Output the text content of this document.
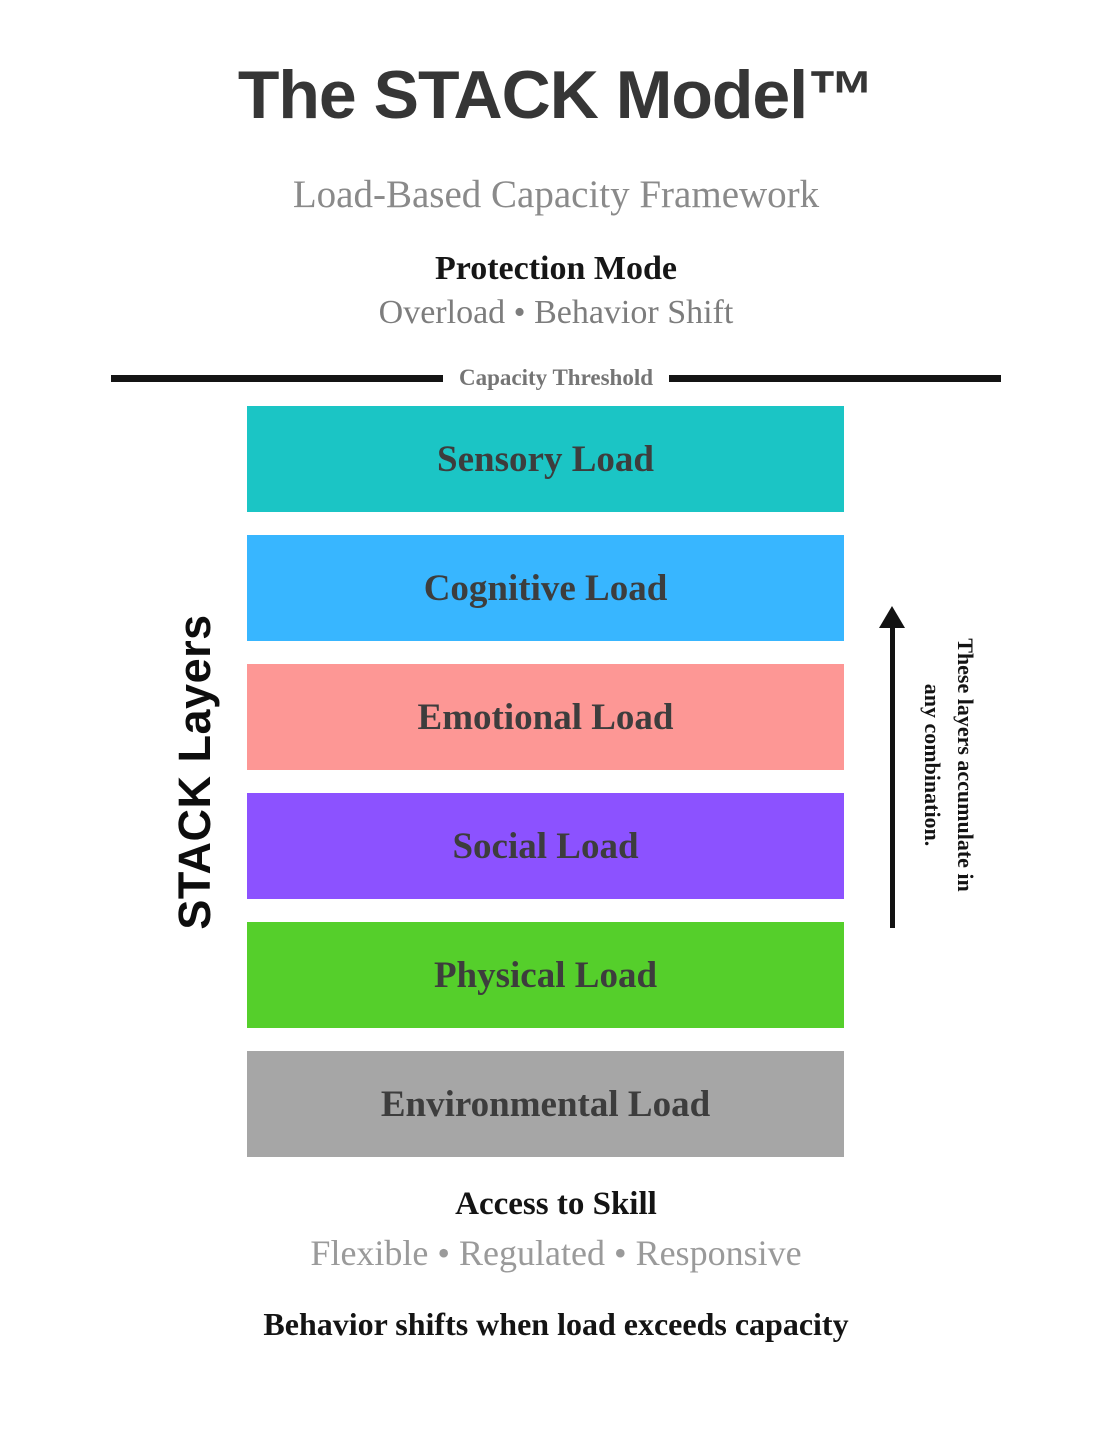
The STACK Model™
Load-Based Capacity Framework
Protection Mode
Overload • Behavior Shift
Capacity Threshold
STACK Layers
Sensory Load
Cognitive Load
Emotional Load
Social Load
Physical Load
Environmental Load
These layers accumulate in
any combination.
Access to Skill
Flexible • Regulated • Responsive
Behavior shifts when load exceeds capacity
